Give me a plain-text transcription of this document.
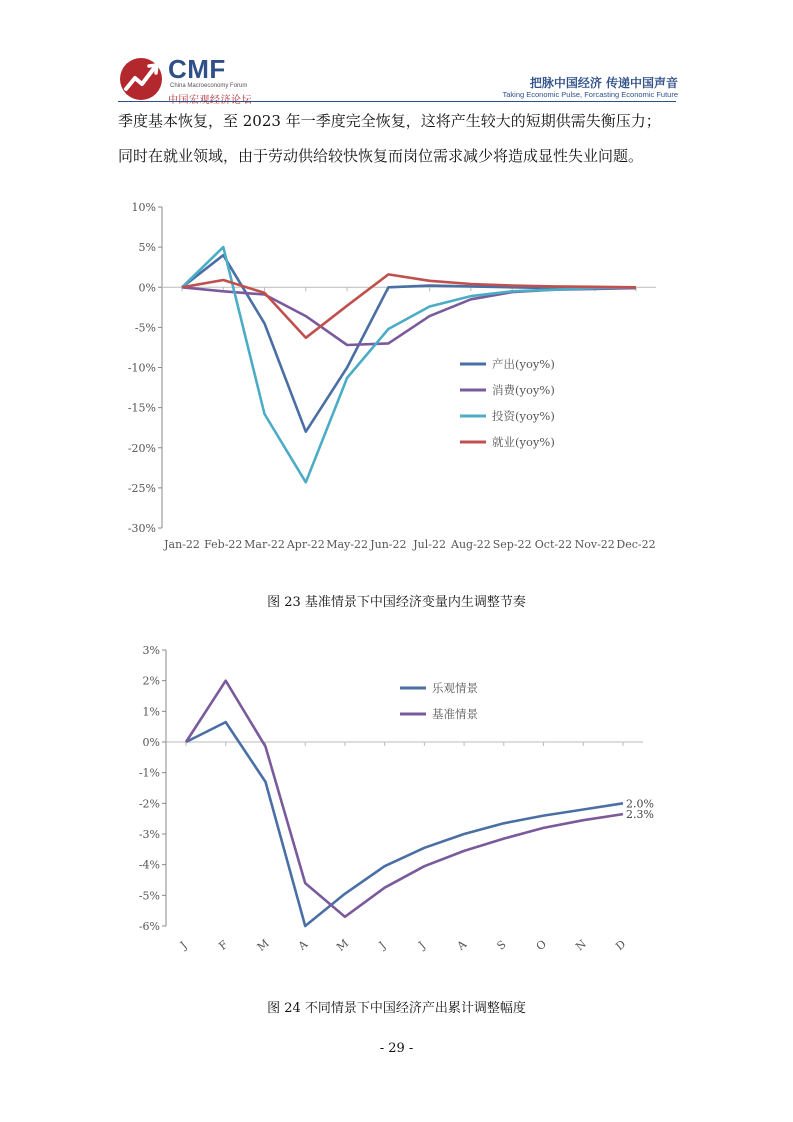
CMF
China Macroeconomy Forum
中国宏观经济论坛
把脉中国经济 传递中国声音
Taking Economic Pulse, Forcasting Economic Future
季度基本恢复，至 2023 年一季度完全恢复，这将产生较大的短期供需失衡压力；
同时在就业领域，由于劳动供给较快恢复而岗位需求减少将造成显性失业问题。
10%
5%
0%
-5%
-10%
-15%
-20%
-25%
-30%
Jan-22 Feb-22 Mar-22 Apr-22 May-22 Jun-22 Jul-22 Aug-22 Sep-22 Oct-22 Nov-22 Dec-22
产出(yoy%)
消费(yoy%)
投资(yoy%)
就业(yoy%)
图 23 基准情景下中国经济变量内生调整节奏
3%
2%
1%
0%
-1%
-2%
-3%
-4%
-5%
-6%
J F M A M J	J A S O N D
乐观情景
基准情景
2.0%
2.3%
图 24 不同情景下中国经济产出累计调整幅度
- 29 -
